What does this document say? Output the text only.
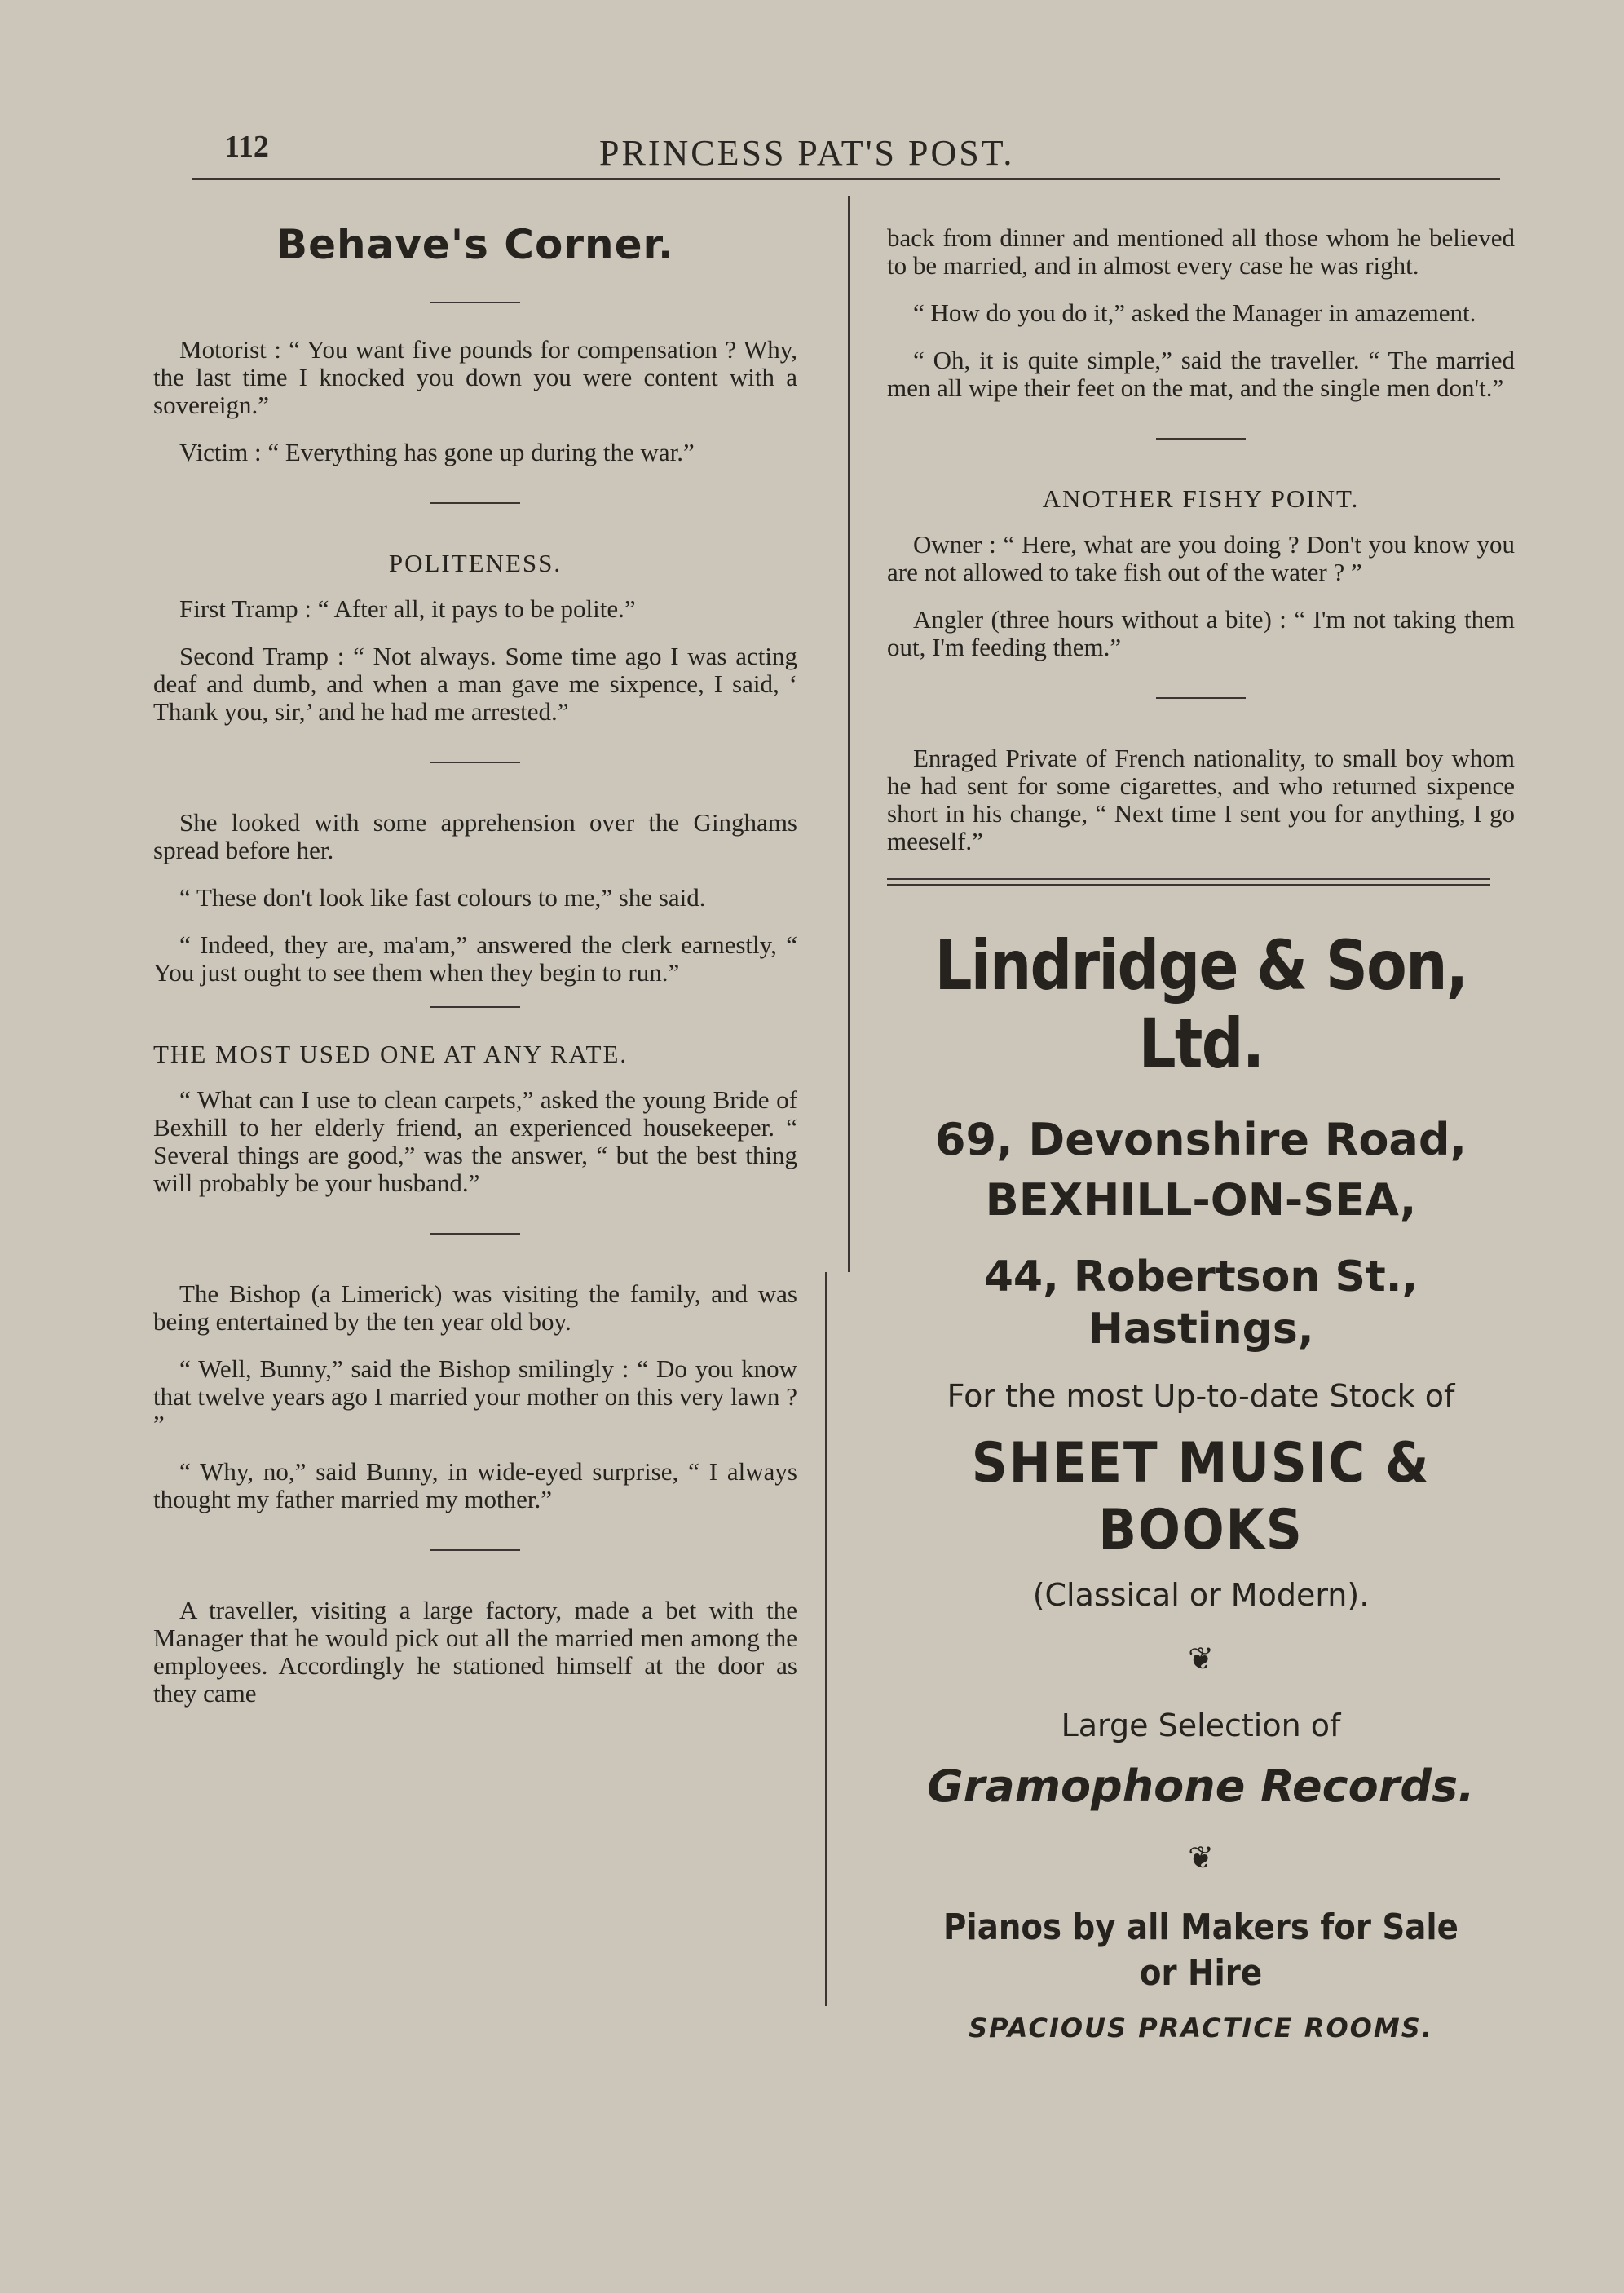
112	PRINCESS PAT'S POST.
Behave's Corner.

Motorist : “ You want five pounds for compensation ? Why, the last time I knocked you down you were content with a sovereign.”

Victim : “ Everything has gone up during the war.”

POLITENESS.

First Tramp : “ After all, it pays to be polite.”

Second Tramp : “ Not always. Some time ago I was acting deaf and dumb, and when a man gave me sixpence, I said, ‘ Thank you, sir,’ and he had me arrested.”

She looked with some apprehension over the Ginghams spread before her.

“ These don't look like fast colours to me,” she said.

“ Indeed, they are, ma'am,” answered the clerk earnestly, “ You just ought to see them when they begin to run.”

THE MOST USED ONE AT ANY RATE.

“ What can I use to clean carpets,” asked the young Bride of Bexhill to her elderly friend, an experienced housekeeper. “ Several things are good,” was the answer, “ but the best thing will probably be your husband.”

The Bishop (a Limerick) was visiting the family, and was being entertained by the ten year old boy.

“ Well, Bunny,” said the Bishop smilingly : “ Do you know that twelve years ago I married your mother on this very lawn ? ”

“ Why, no,” said Bunny, in wide-eyed surprise, “ I always thought my father married my mother.”

A traveller, visiting a large factory, made a bet with the Manager that he would pick out all the married men among the employees. Accordingly he stationed himself at the door as they came

back from dinner and mentioned all those whom he believed to be married, and in almost every case he was right.

“ How do you do it,” asked the Manager in amazement.

“ Oh, it is quite simple,” said the traveller. “ The married men all wipe their feet on the mat, and the single men don't.”

ANOTHER FISHY POINT.

Owner : “ Here, what are you doing ? Don't you know you are not allowed to take fish out of the water ? ”

Angler (three hours without a bite) : “ I'm not taking them out, I'm feeding them.”

Enraged Private of French nationality, to small boy whom he had sent for some cigarettes, and who returned sixpence short in his change, “ Next time I sent you for anything, I go meeself.”

Lindridge & Son, Ltd.
69, Devonshire Road,
BEXHILL-ON-SEA,
44, Robertson St., Hastings,
For the most Up-to-date Stock of
SHEET MUSIC & BOOKS
(Classical or Modern).
❦
Large Selection of
Gramophone Records.
❦
Pianos by all Makers for Sale or Hire
SPACIOUS PRACTICE ROOMS.
